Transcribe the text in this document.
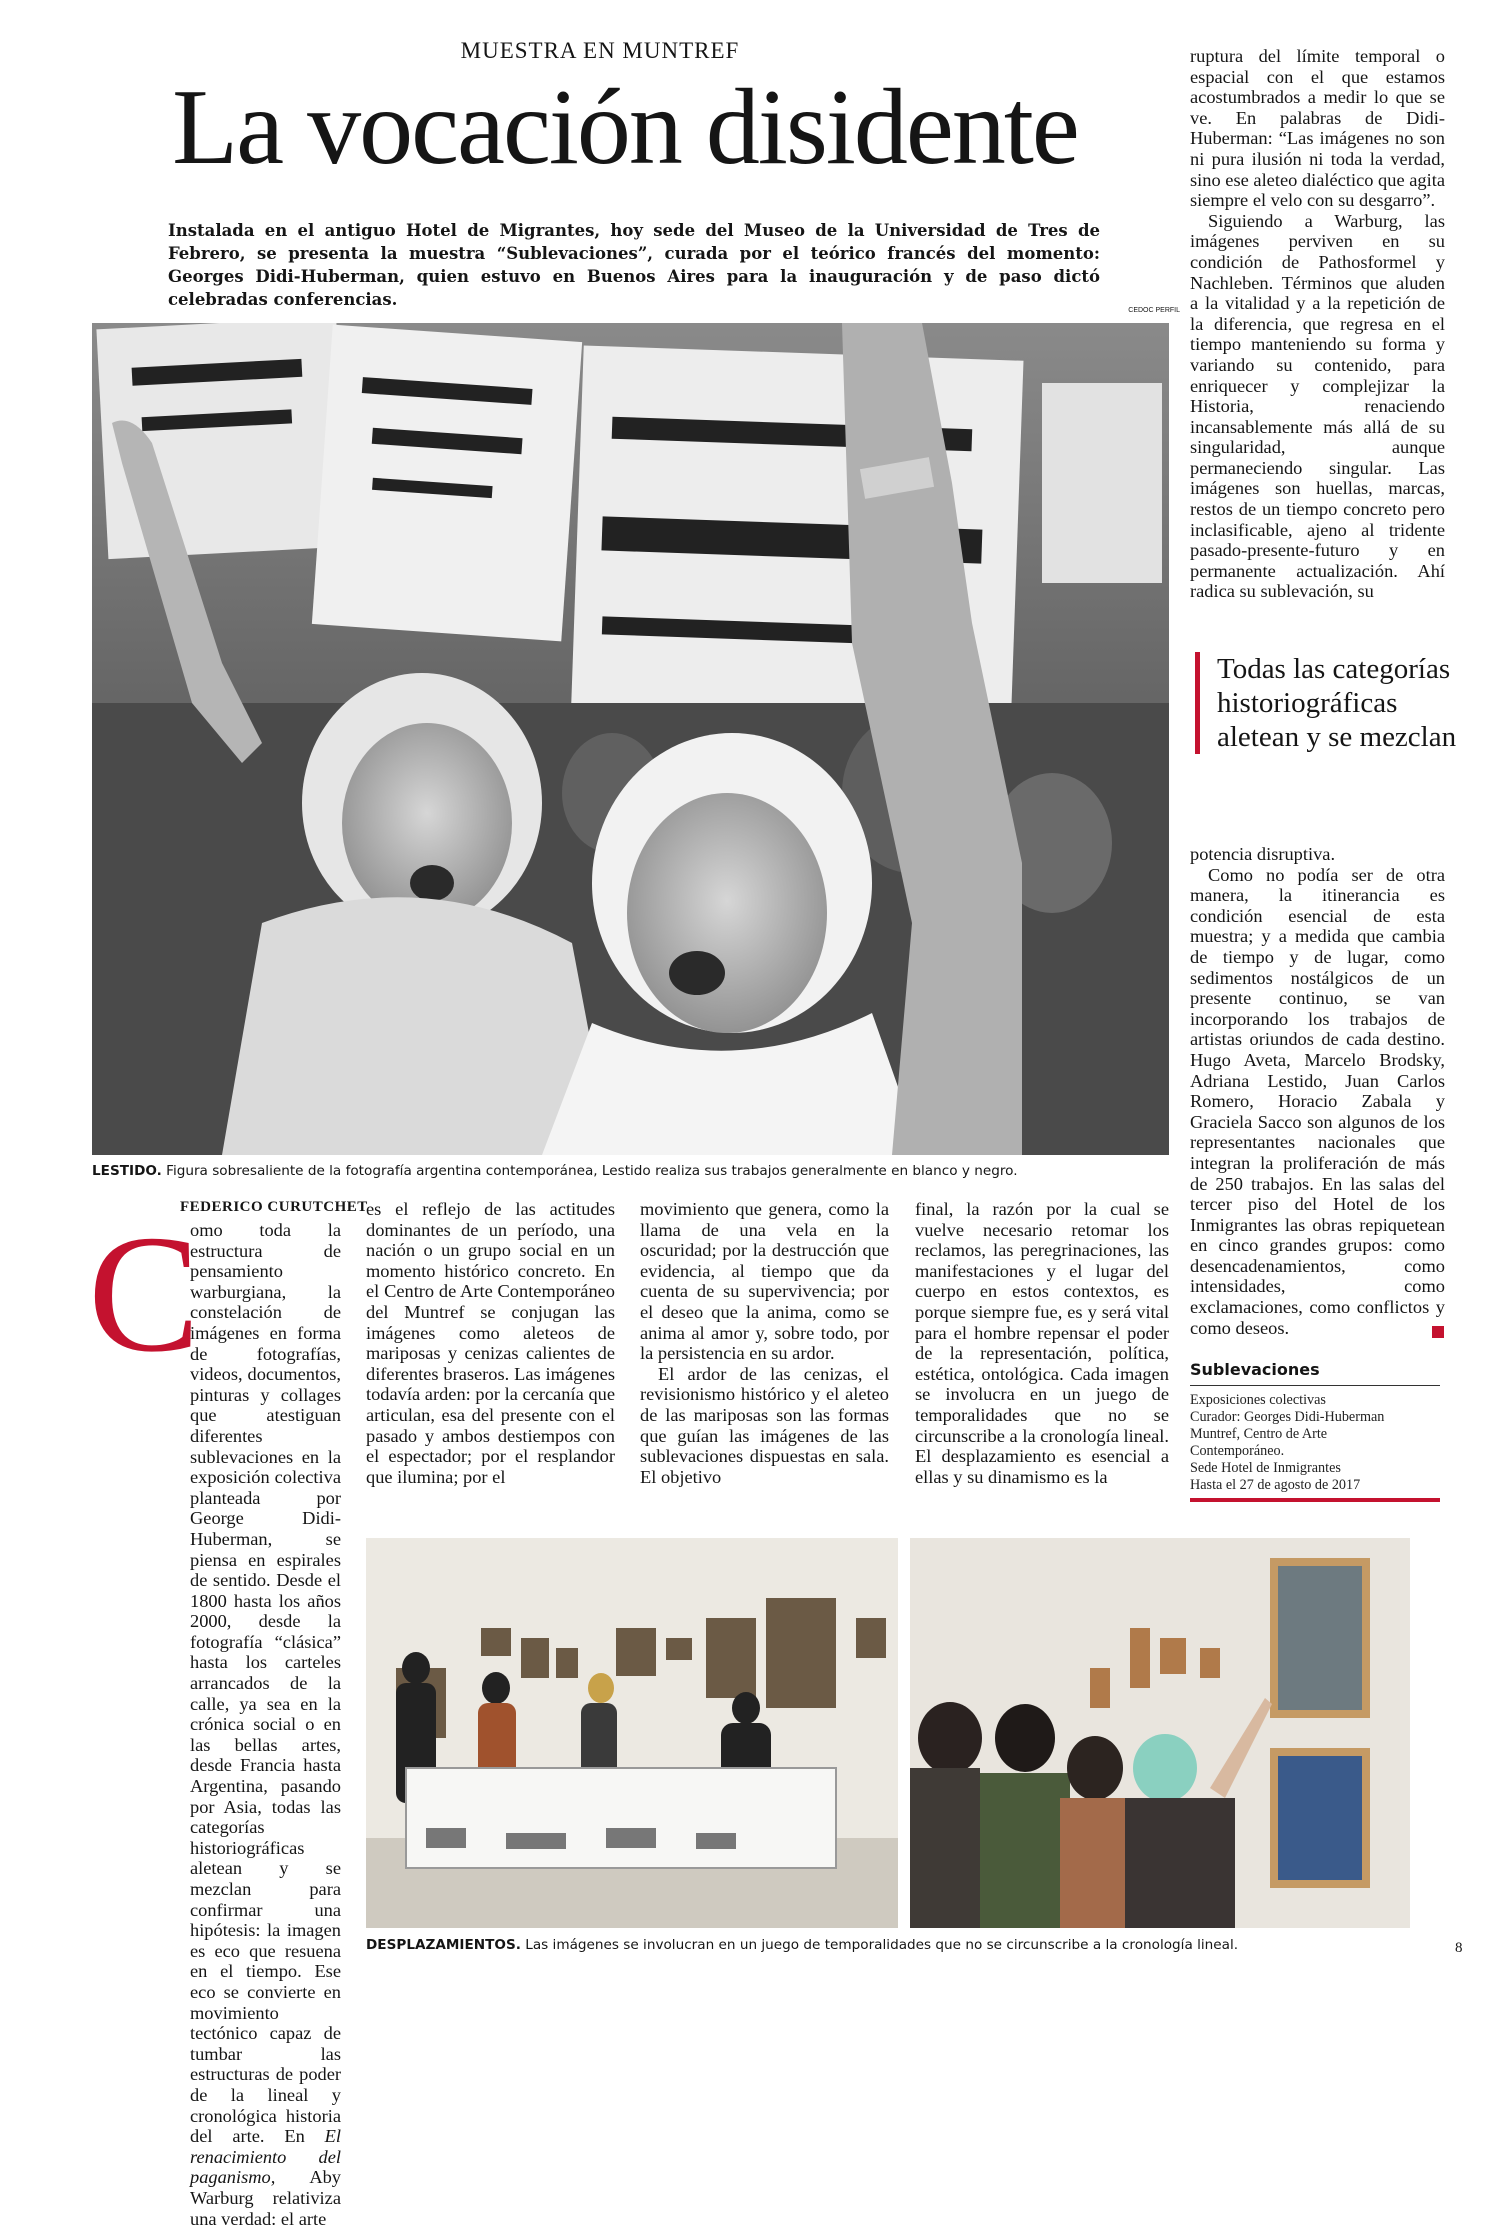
MUESTRA EN MUNTREF
La vocación disidente
Instalada en el antiguo Hotel de Migrantes, hoy sede del Museo de la Universidad de Tres de Febrero, se presenta la muestra “Sublevaciones”, curada por el teórico francés del momento: Georges Didi-Huberman, quien estuvo en Buenos Aires para la inauguración y de paso dictó celebradas conferencias.
CEDOC PERFIL
LESTIDO. Figura sobresaliente de la fotografía argentina contemporánea, Lestido realiza sus trabajos generalmente en blanco y negro.
FEDERICO CURUTCHET
C

omo toda la estructura de pensamiento warburgiana, la constelación de imágenes en forma de fotografías, videos, documentos, pinturas y collages que atestiguan diferentes sublevaciones en la exposición colectiva planteada por George Didi-Huberman, se piensa en espirales de sentido. Desde el 1800 hasta los años 2000, desde la fotografía “clásica” hasta los carteles arrancados de la calle, ya sea en la crónica social o en las bellas artes, desde Francia hasta Argentina, pasando por Asia, todas las categorías historiográficas aletean y se mezclan para confirmar una hipótesis: la imagen es eco que resuena en el tiempo. Ese eco se convierte en movimiento tectónico capaz de tumbar las estructuras de poder de la lineal y cronológica historia del arte. En El renacimiento del paganismo, Aby Warburg relativiza una verdad: el arte

es el reflejo de las actitudes dominantes de un período, una nación o un grupo social en un momento histórico concreto. En el Centro de Arte Contemporáneo del Muntref se conjugan las imágenes como aleteos de mariposas y cenizas calientes de diferentes braseros. Las imágenes todavía arden: por la cercanía que articulan, esa del presente con el pasado y ambos destiempos con el espectador; por el resplandor que ilumina; por el

movimiento que genera, como la llama de una vela en la oscuridad; por la destrucción que evidencia, al tiempo que da cuenta de su supervivencia; por el deseo que la anima, como se anima al amor y, sobre todo, por la persistencia en su ardor.

El ardor de las cenizas, el revisionismo histórico y el aleteo de las mariposas son las formas que guían las imágenes de las sublevaciones dispuestas en sala. El objetivo

final, la razón por la cual se vuelve necesario retomar los reclamos, las peregrinaciones, las manifestaciones y el lugar del cuerpo en estos contextos, es porque siempre fue, es y será vital para el hombre repensar el poder de la representación, política, estética, ontológica. Cada imagen se involucra en un juego de temporalidades que no se circunscribe a la cronología lineal. El desplazamiento es esencial a ellas y su dinamismo es la

ruptura del límite temporal o espacial con el que estamos acostumbrados a medir lo que se ve. En palabras de Didi-Huberman: “Las imágenes no son ni pura ilusión ni toda la verdad, sino ese aleteo dialéctico que agita siempre el velo con su desgarro”.

Siguiendo a Warburg, las imágenes perviven en su condición de Pathosformel y Nachleben. Términos que aluden a la vitalidad y a la repetición de la diferencia, que regresa en el tiempo manteniendo su forma y variando su contenido, para enriquecer y complejizar la Historia, renaciendo incansablemente más allá de su singularidad, aunque permaneciendo singular. Las imágenes son huellas, marcas, restos de un tiempo concreto pero inclasificable, ajeno al tridente pasado-presente-futuro y en permanente actualización. Ahí radica su sublevación, su

Todas las categorías historiográficas aletean y se mezclan

potencia disruptiva.

Como no podía ser de otra manera, la itinerancia es condición esencial de esta muestra; y a medida que cambia de tiempo y de lugar, como sedimentos nostálgicos de un presente continuo, se van incorporando los trabajos de artistas oriundos de cada destino. Hugo Aveta, Marcelo Brodsky, Adriana Lestido, Juan Carlos Romero, Horacio Zabala y Graciela Sacco son algunos de los representantes nacionales que integran la proliferación de más de 250 trabajos. En las salas del tercer piso del Hotel de los Inmigrantes las obras repiquetean en cinco grandes grupos: como desencadenamientos, como intensidades, como exclamaciones, como conflictos y como deseos.

Sublevaciones
Exposiciones colectivas
Curador: Georges Didi-Huberman
Muntref, Centro de Arte
Contemporáneo.
Sede Hotel de Inmigrantes
Hasta el 27 de agosto de 2017
DESPLAZAMIENTOS. Las imágenes se involucran en un juego de temporalidades que no se circunscribe a la cronología lineal.	8
